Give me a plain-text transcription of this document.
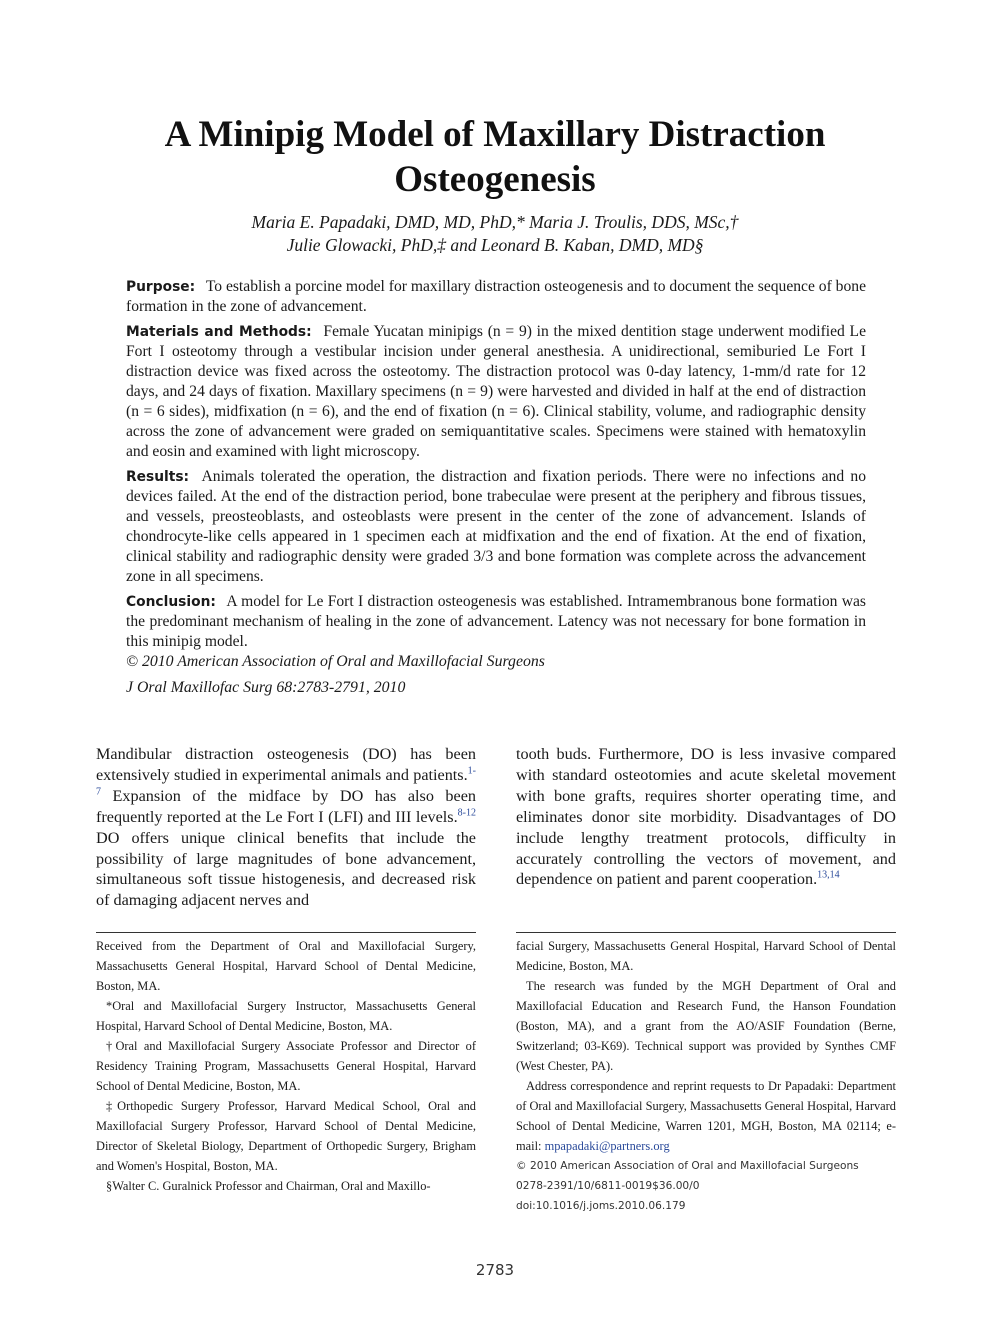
A Minipig Model of Maxillary Distraction Osteogenesis
Maria E. Papadaki, DMD, MD, PhD,* Maria J. Troulis, DDS, MSc,†
Julie Glowacki, PhD,‡ and Leonard B. Kaban, DMD, MD§

Purpose: To establish a porcine model for maxillary distraction osteogenesis and to document the sequence of bone formation in the zone of advancement.

Materials and Methods: Female Yucatan minipigs (n = 9) in the mixed dentition stage underwent modified Le Fort I osteotomy through a vestibular incision under general anesthesia. A unidirectional, semiburied Le Fort I distraction device was fixed across the osteotomy. The distraction protocol was 0-day latency, 1-mm/d rate for 12 days, and 24 days of fixation. Maxillary specimens (n = 9) were harvested and divided in half at the end of distraction (n = 6 sides), midfixation (n = 6), and the end of fixation (n = 6). Clinical stability, volume, and radiographic density across the zone of advancement were graded on semiquantitative scales. Specimens were stained with hematoxylin and eosin and examined with light microscopy.

Results: Animals tolerated the operation, the distraction and fixation periods. There were no infections and no devices failed. At the end of the distraction period, bone trabeculae were present at the periphery and fibrous tissues, and vessels, preosteoblasts, and osteoblasts were present in the center of the zone of advancement. Islands of chondrocyte-like cells appeared in 1 specimen each at midfixation and the end of fixation. At the end of fixation, clinical stability and radiographic density were graded 3/3 and bone formation was complete across the advancement zone in all specimens.

Conclusion: A model for Le Fort I distraction osteogenesis was established. Intramembranous bone formation was the predominant mechanism of healing in the zone of advancement. Latency was not necessary for bone formation in this minipig model.

© 2010 American Association of Oral and Maxillofacial Surgeons

J Oral Maxillofac Surg 68:2783-2791, 2010

Mandibular distraction osteogenesis (DO) has been extensively studied in experimental animals and patients.$^{1-7}$ Expansion of the midface by DO has also been frequently reported at the Le Fort I (LFI) and III levels.$^{8-12}$ DO offers unique clinical benefits that include the possibility of large magnitudes of bone advancement, simultaneous soft tissue histogenesis, and decreased risk of damaging adjacent nerves and
tooth buds. Furthermore, DO is less invasive compared with standard osteotomies and acute skeletal movement with bone grafts, requires shorter operating time, and eliminates donor site morbidity. Disadvantages of DO include lengthy treatment protocols, difficulty in accurately controlling the vectors of movement, and dependence on patient and parent cooperation.$^{13,14}$

Received from the Department of Oral and Maxillofacial Surgery, Massachusetts General Hospital, Harvard School of Dental Medicine, Boston, MA.

*Oral and Maxillofacial Surgery Instructor, Massachusetts General Hospital, Harvard School of Dental Medicine, Boston, MA.

†Oral and Maxillofacial Surgery Associate Professor and Director of Residency Training Program, Massachusetts General Hospital, Harvard School of Dental Medicine, Boston, MA.

‡Orthopedic Surgery Professor, Harvard Medical School, Oral and Maxillofacial Surgery Professor, Harvard School of Dental Medicine, Director of Skeletal Biology, Department of Orthopedic Surgery, Brigham and Women's Hospital, Boston, MA.

§Walter C. Guralnick Professor and Chairman, Oral and Maxillo-

facial Surgery, Massachusetts General Hospital, Harvard School of Dental Medicine, Boston, MA.

The research was funded by the MGH Department of Oral and Maxillofacial Education and Research Fund, the Hanson Foundation (Boston, MA), and a grant from the AO/ASIF Foundation (Berne, Switzerland; 03-K69). Technical support was provided by Synthes CMF (West Chester, PA).

Address correspondence and reprint requests to Dr Papadaki: Department of Oral and Maxillofacial Surgery, Massachusetts General Hospital, Harvard School of Dental Medicine, Warren 1201, MGH, Boston, MA 02114; e-mail: mpapadaki@partners.org

© 2010 American Association of Oral and Maxillofacial Surgeons
0278-2391/10/6811-0019$36.00/0
doi:10.1016/j.joms.2010.06.179
2783
